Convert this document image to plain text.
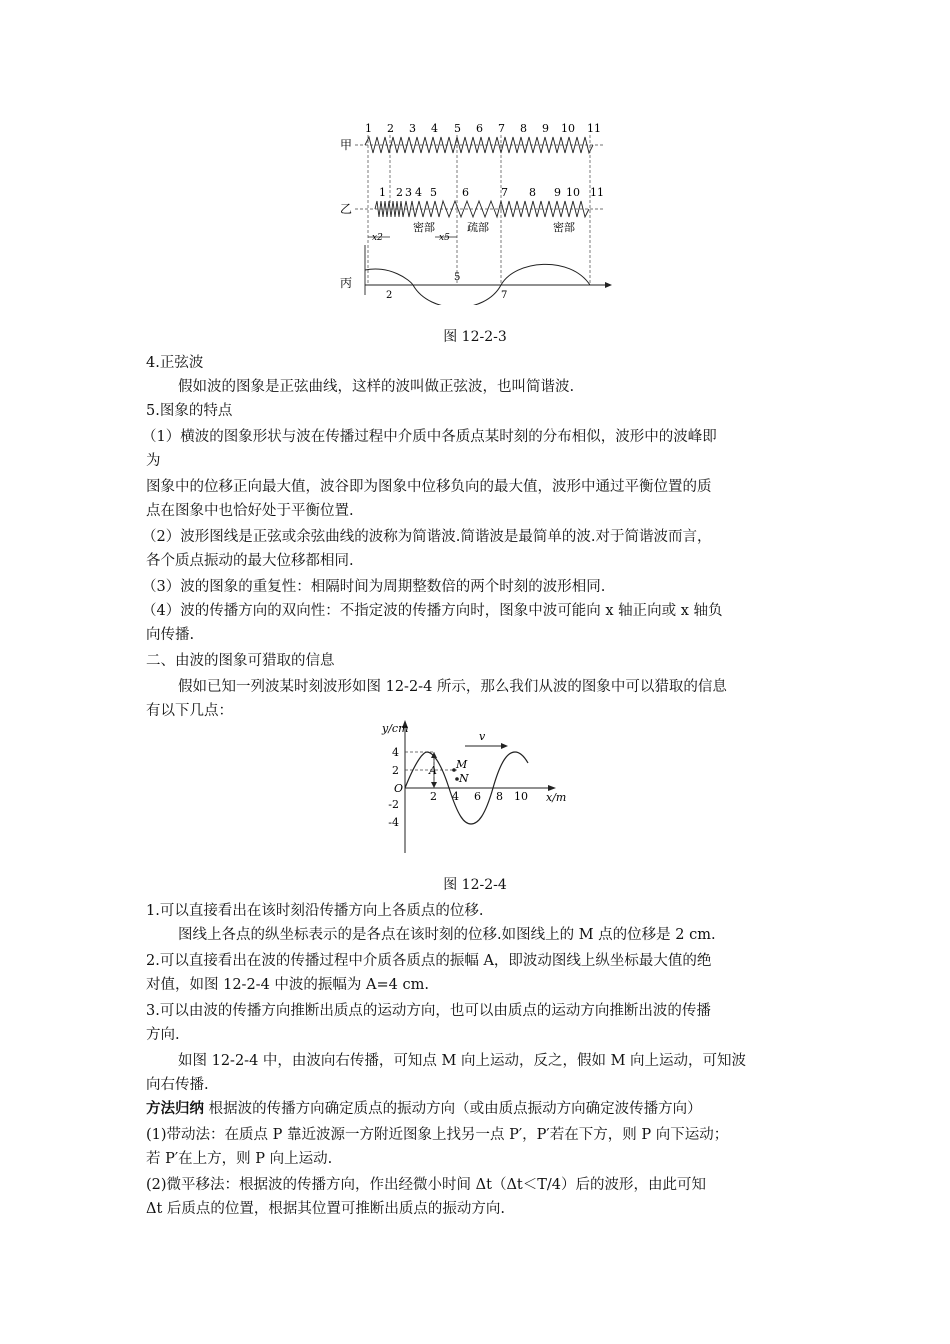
甲
乙
丙
1 2 3 4 5 6 7 8 9 10 11
1 2 3 4 5 6	7 8 9 10 11
密部	疏部	密部
x2	x5
2
5
7
图 12-2-3
4.正弦波
假如波的图象是正弦曲线，这样的波叫做正弦波，也叫简谐波.
5.图象的特点
（1）横波的图象形状与波在传播过程中介质中各质点某时刻的分布相似，波形中的波峰即
为
图象中的位移正向最大值，波谷即为图象中位移负向的最大值，波形中通过平衡位置的质
点在图象中也恰好处于平衡位置.
（2）波形图线是正弦或余弦曲线的波称为简谐波.简谐波是最简单的波.对于简谐波而言，
各个质点振动的最大位移都相同.
（3）波的图象的重复性：相隔时间为周期整数倍的两个时刻的波形相同.
（4）波的传播方向的双向性：不指定波的传播方向时，图象中波可能向 x 轴正向或 x 轴负
向传播.
二、由波的图象可猎取的信息
假如已知一列波某时刻波形如图 12-2-4 所示，那么我们从波的图象中可以猎取的信息
有以下几点：
y/cm
x/m
O
4
2
-2
-4
2 4 6 8 10
A M
N
v
图 12-2-4
1.可以直接看出在该时刻沿传播方向上各质点的位移.
图线上各点的纵坐标表示的是各点在该时刻的位移.如图线上的 M 点的位移是 2 cm.
2.可以直接看出在波的传播过程中介质各质点的振幅 A，即波动图线上纵坐标最大值的绝
对值，如图 12-2-4 中波的振幅为 A=4 cm.
3.可以由波的传播方向推断出质点的运动方向，也可以由质点的运动方向推断出波的传播
方向.
如图 12-2-4 中，由波向右传播，可知点 M 向上运动，反之，假如 M 向上运动，可知波
向右传播.
方法归纳 根据波的传播方向确定质点的振动方向（或由质点振动方向确定波传播方向）
(1)带动法：在质点 P 靠近波源一方附近图象上找另一点 P′，P′若在下方，则 P 向下运动；
若 P′在上方，则 P 向上运动.
(2)微平移法：根据波的传播方向，作出经微小时间 Δt（Δt＜T/4）后的波形，由此可知
Δt 后质点的位置，根据其位置可推断出质点的振动方向.
